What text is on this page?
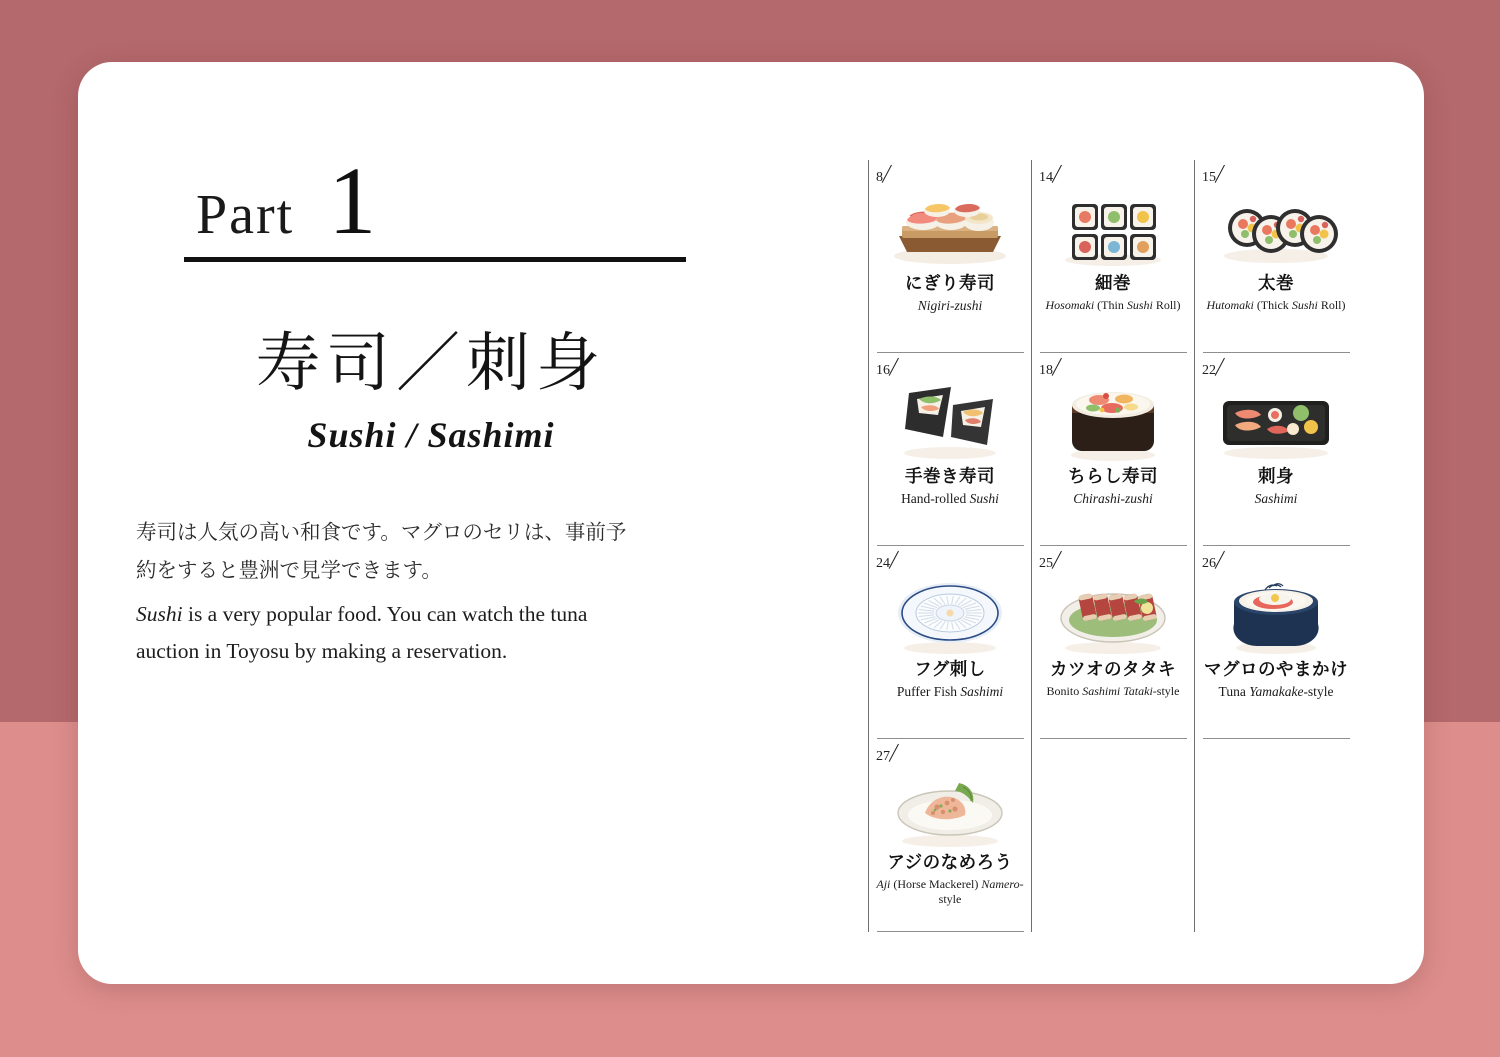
Part 1
寿司／刺身
Sushi / Sashimi
寿司は人気の高い和食です。マグロのセリは、事前予約をすると豊洲で見学できます。
Sushi is a very popular food. You can watch the tuna auction in Toyosu by making a reservation.
8
にぎり寿司
Nigiri-zushi
14
細巻
Hosomaki (Thin Sushi Roll)
15
太巻
Hutomaki (Thick Sushi Roll)
16
手巻き寿司
Hand-rolled Sushi
18
ちらし寿司
Chirashi-zushi
22
刺身
Sashimi
24
フグ刺し
Puffer Fish Sashimi
25
カツオのタタキ
Bonito Sashimi Tataki-style
26
マグロのやまかけ
Tuna Yamakake-style
27
アジのなめろう
Aji (Horse Mackerel) Namero-style
